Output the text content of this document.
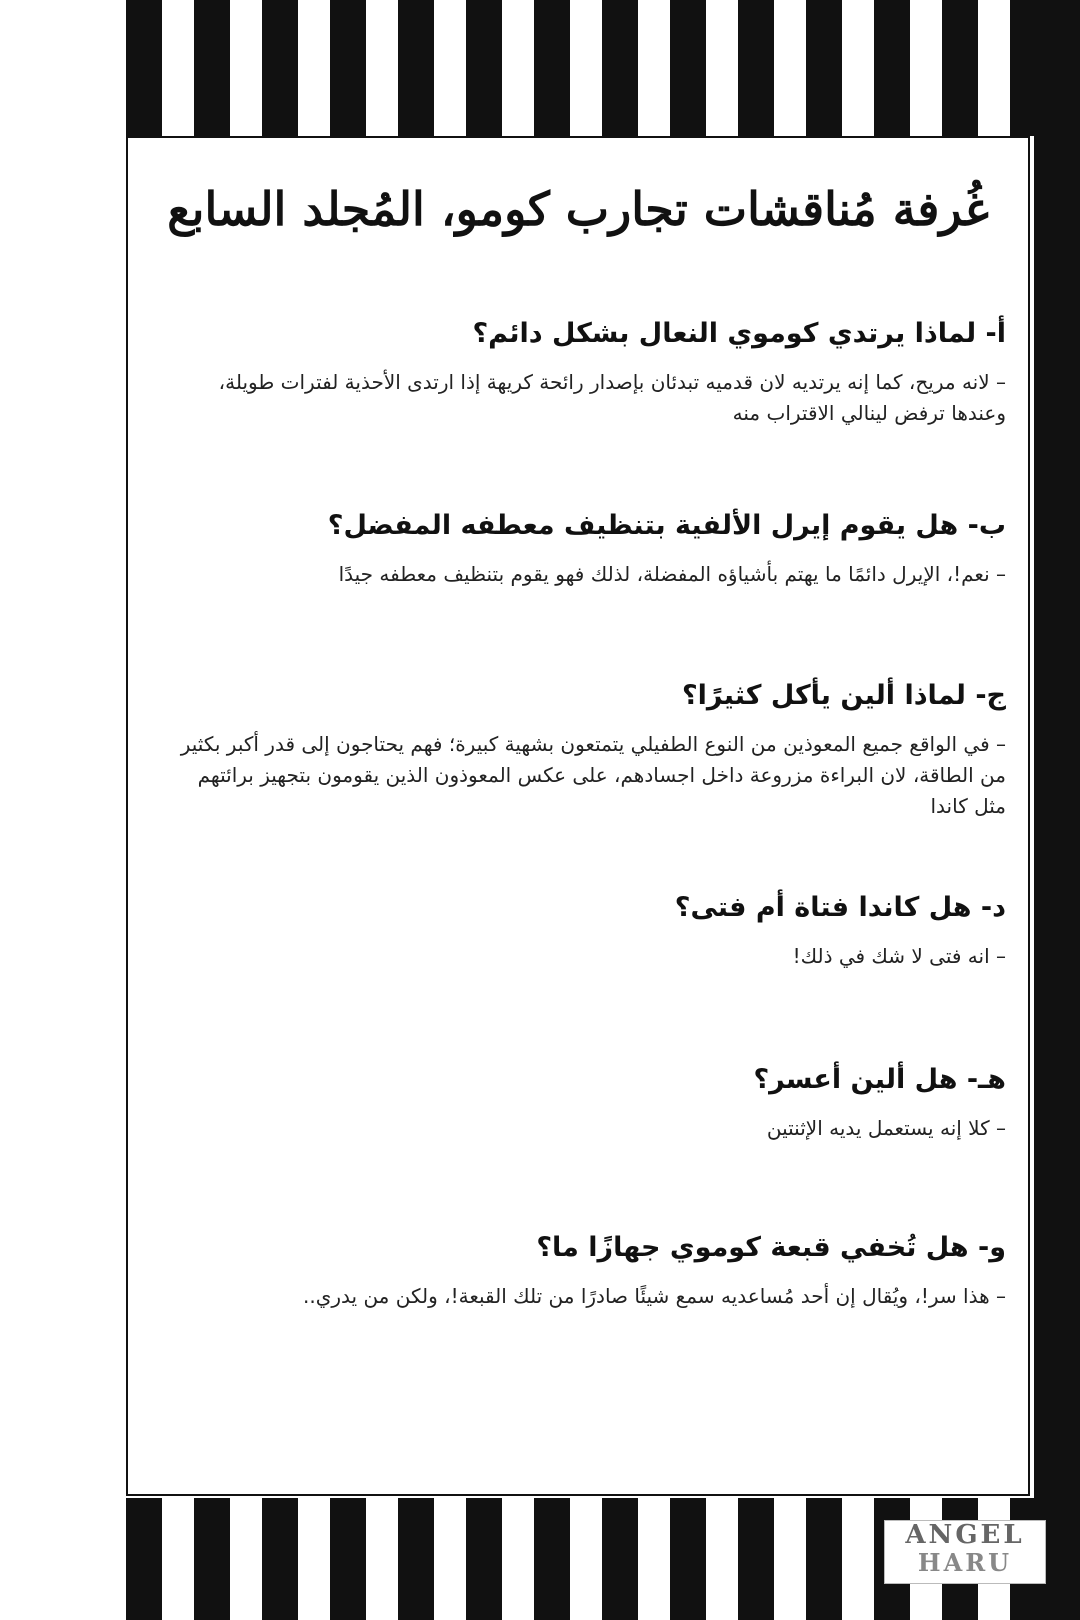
غُرفة مُناقشات تجارب كومو، المُجلد السابع

أ- لماذا يرتدي كوموي النعال بشكل دائم؟

– لانه مريح، كما إنه يرتديه لان قدميه تبدئان بإصدار رائحة كريهة إذا ارتدى الأحذية لفترات طويلة، وعندها ترفض لينالي الاقتراب منه

ب- هل يقوم إيرل الألفية بتنظيف معطفه المفضل؟

– نعم!، الإيرل دائمًا ما يهتم بأشياؤه المفضلة، لذلك فهو يقوم بتنظيف معطفه جيدًا

ج- لماذا ألين يأكل كثيرًا؟

– في الواقع جميع المعوذين من النوع الطفيلي يتمتعون بشهية كبيرة؛ فهم يحتاجون إلى قدر أكبر بكثير من الطاقة، لان البراءة مزروعة داخل اجسادهم، على عكس المعوذون الذين يقومون بتجهيز برائتهم مثل كاندا

د- هل كاندا فتاة أم فتى؟

– انه فتى لا شك في ذلك!

هـ- هل ألين أعسر؟

– كلا إنه يستعمل يديه الإثنتين

و- هل تُخفي قبعة كوموي جهازًا ما؟

– هذا سر!، ويُقال إن أحد مُساعديه سمع شيئًا صادرًا من تلك القبعة!، ولكن من يدري..

ANGEL
HARU
